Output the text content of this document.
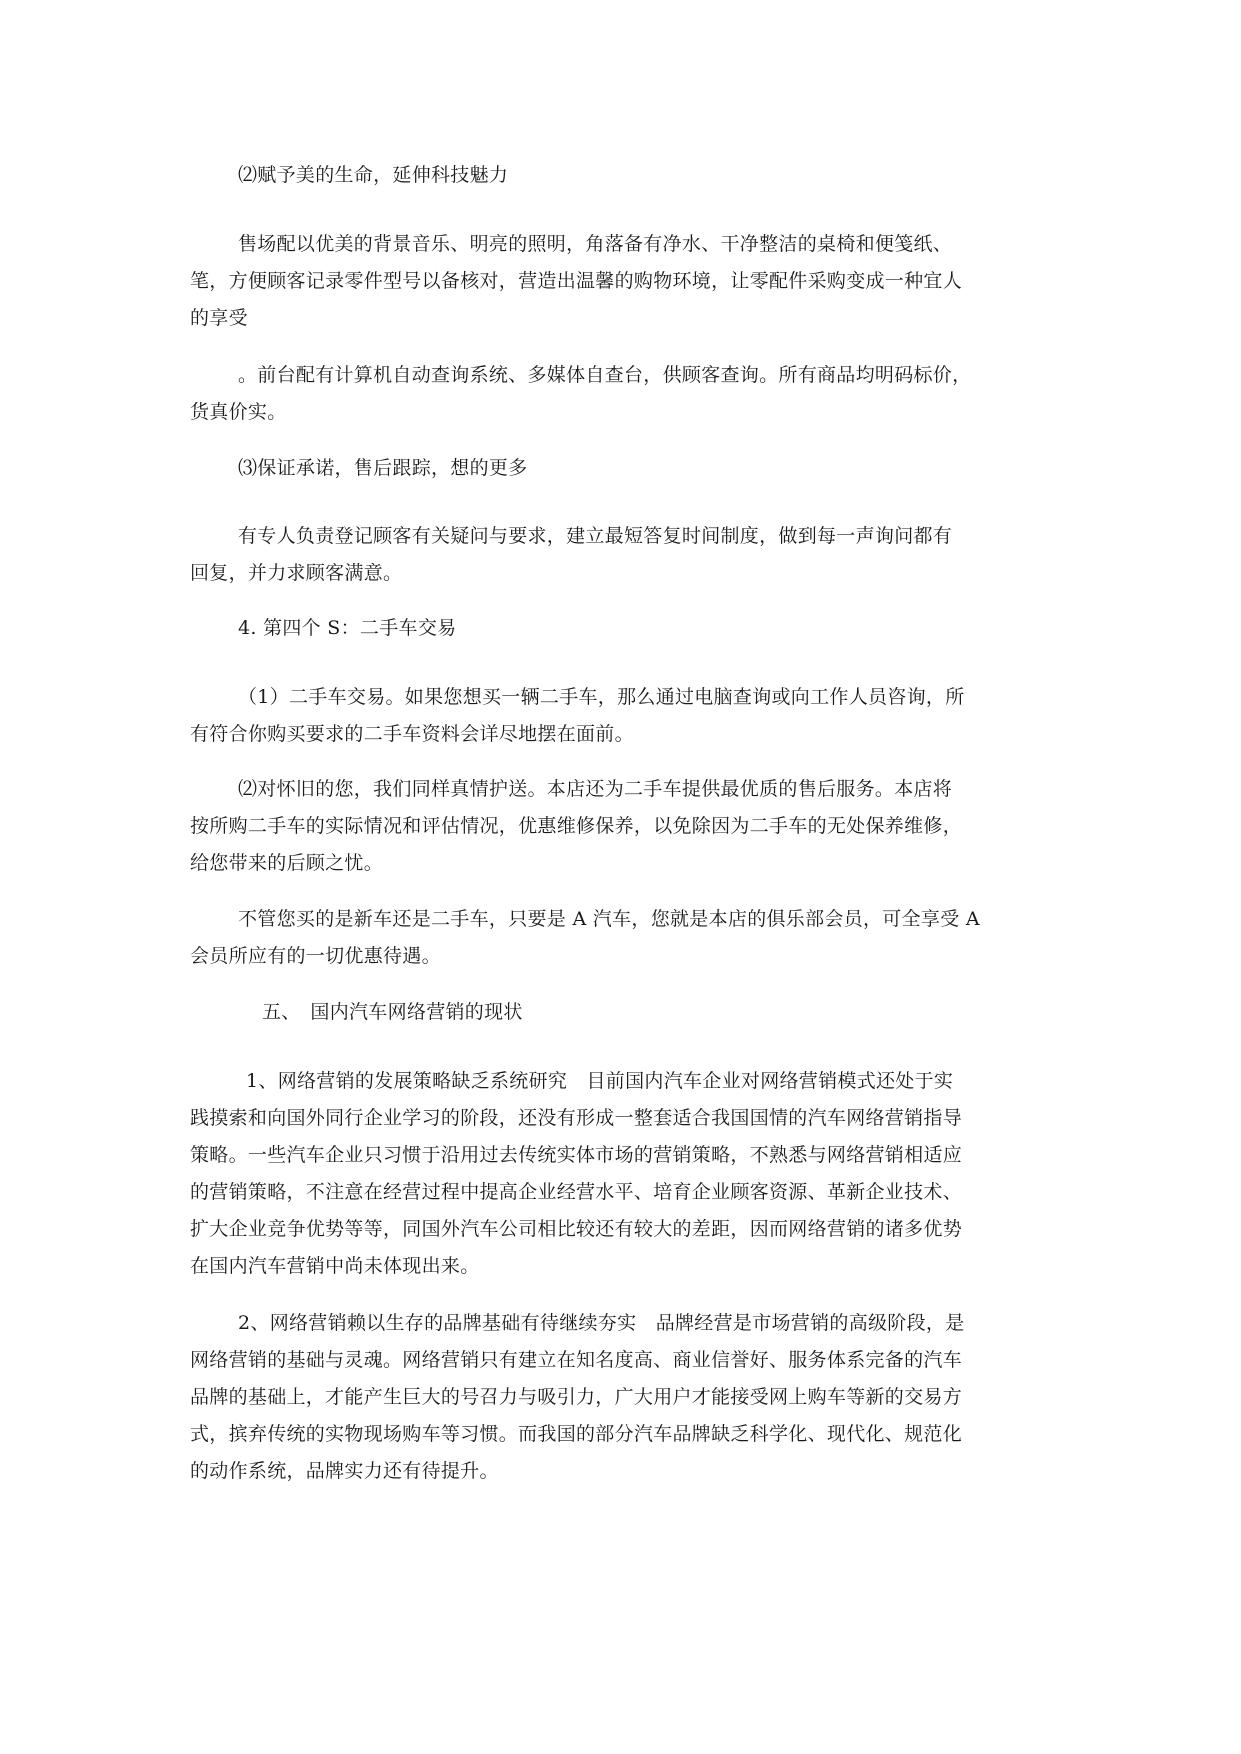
⑵赋予美的生命，延伸科技魅力

售场配以优美的背景音乐、明亮的照明，角落备有净水、干净整洁的桌椅和便笺纸、
笔，方便顾客记录零件型号以备核对，营造出温馨的购物环境，让零配件采购变成一种宜人
的享受

。前台配有计算机自动查询系统、多媒体自查台，供顾客查询。所有商品均明码标价，
货真价实。

⑶保证承诺，售后跟踪，想的更多

有专人负责登记顾客有关疑问与要求，建立最短答复时间制度，做到每一声询问都有
回复，并力求顾客满意。

4. 第四个 S：二手车交易

（1）二手车交易。如果您想买一辆二手车，那么通过电脑查询或向工作人员咨询，所
有符合你购买要求的二手车资料会详尽地摆在面前。

⑵对怀旧的您，我们同样真情护送。本店还为二手车提供最优质的售后服务。本店将
按所购二手车的实际情况和评估情况，优惠维修保养，以免除因为二手车的无处保养维修，
给您带来的后顾之忧。

不管您买的是新车还是二手车，只要是 A 汽车，您就是本店的俱乐部会员，可全享受 A
会员所应有的一切优惠待遇。

五、　国内汽车网络营销的现状

1、网络营销的发展策略缺乏系统研究　目前国内汽车企业对网络营销模式还处于实
践摸索和向国外同行企业学习的阶段，还没有形成一整套适合我国国情的汽车网络营销指导
策略。一些汽车企业只习惯于沿用过去传统实体市场的营销策略，不熟悉与网络营销相适应
的营销策略，不注意在经营过程中提高企业经营水平、培育企业顾客资源、革新企业技术、
扩大企业竞争优势等等，同国外汽车公司相比较还有较大的差距，因而网络营销的诸多优势
在国内汽车营销中尚未体现出来。

2、网络营销赖以生存的品牌基础有待继续夯实　品牌经营是市场营销的高级阶段，是
网络营销的基础与灵魂。网络营销只有建立在知名度高、商业信誉好、服务体系完备的汽车
品牌的基础上，才能产生巨大的号召力与吸引力，广大用户才能接受网上购车等新的交易方
式，摈弃传统的实物现场购车等习惯。而我国的部分汽车品牌缺乏科学化、现代化、规范化
的动作系统，品牌实力还有待提升。
